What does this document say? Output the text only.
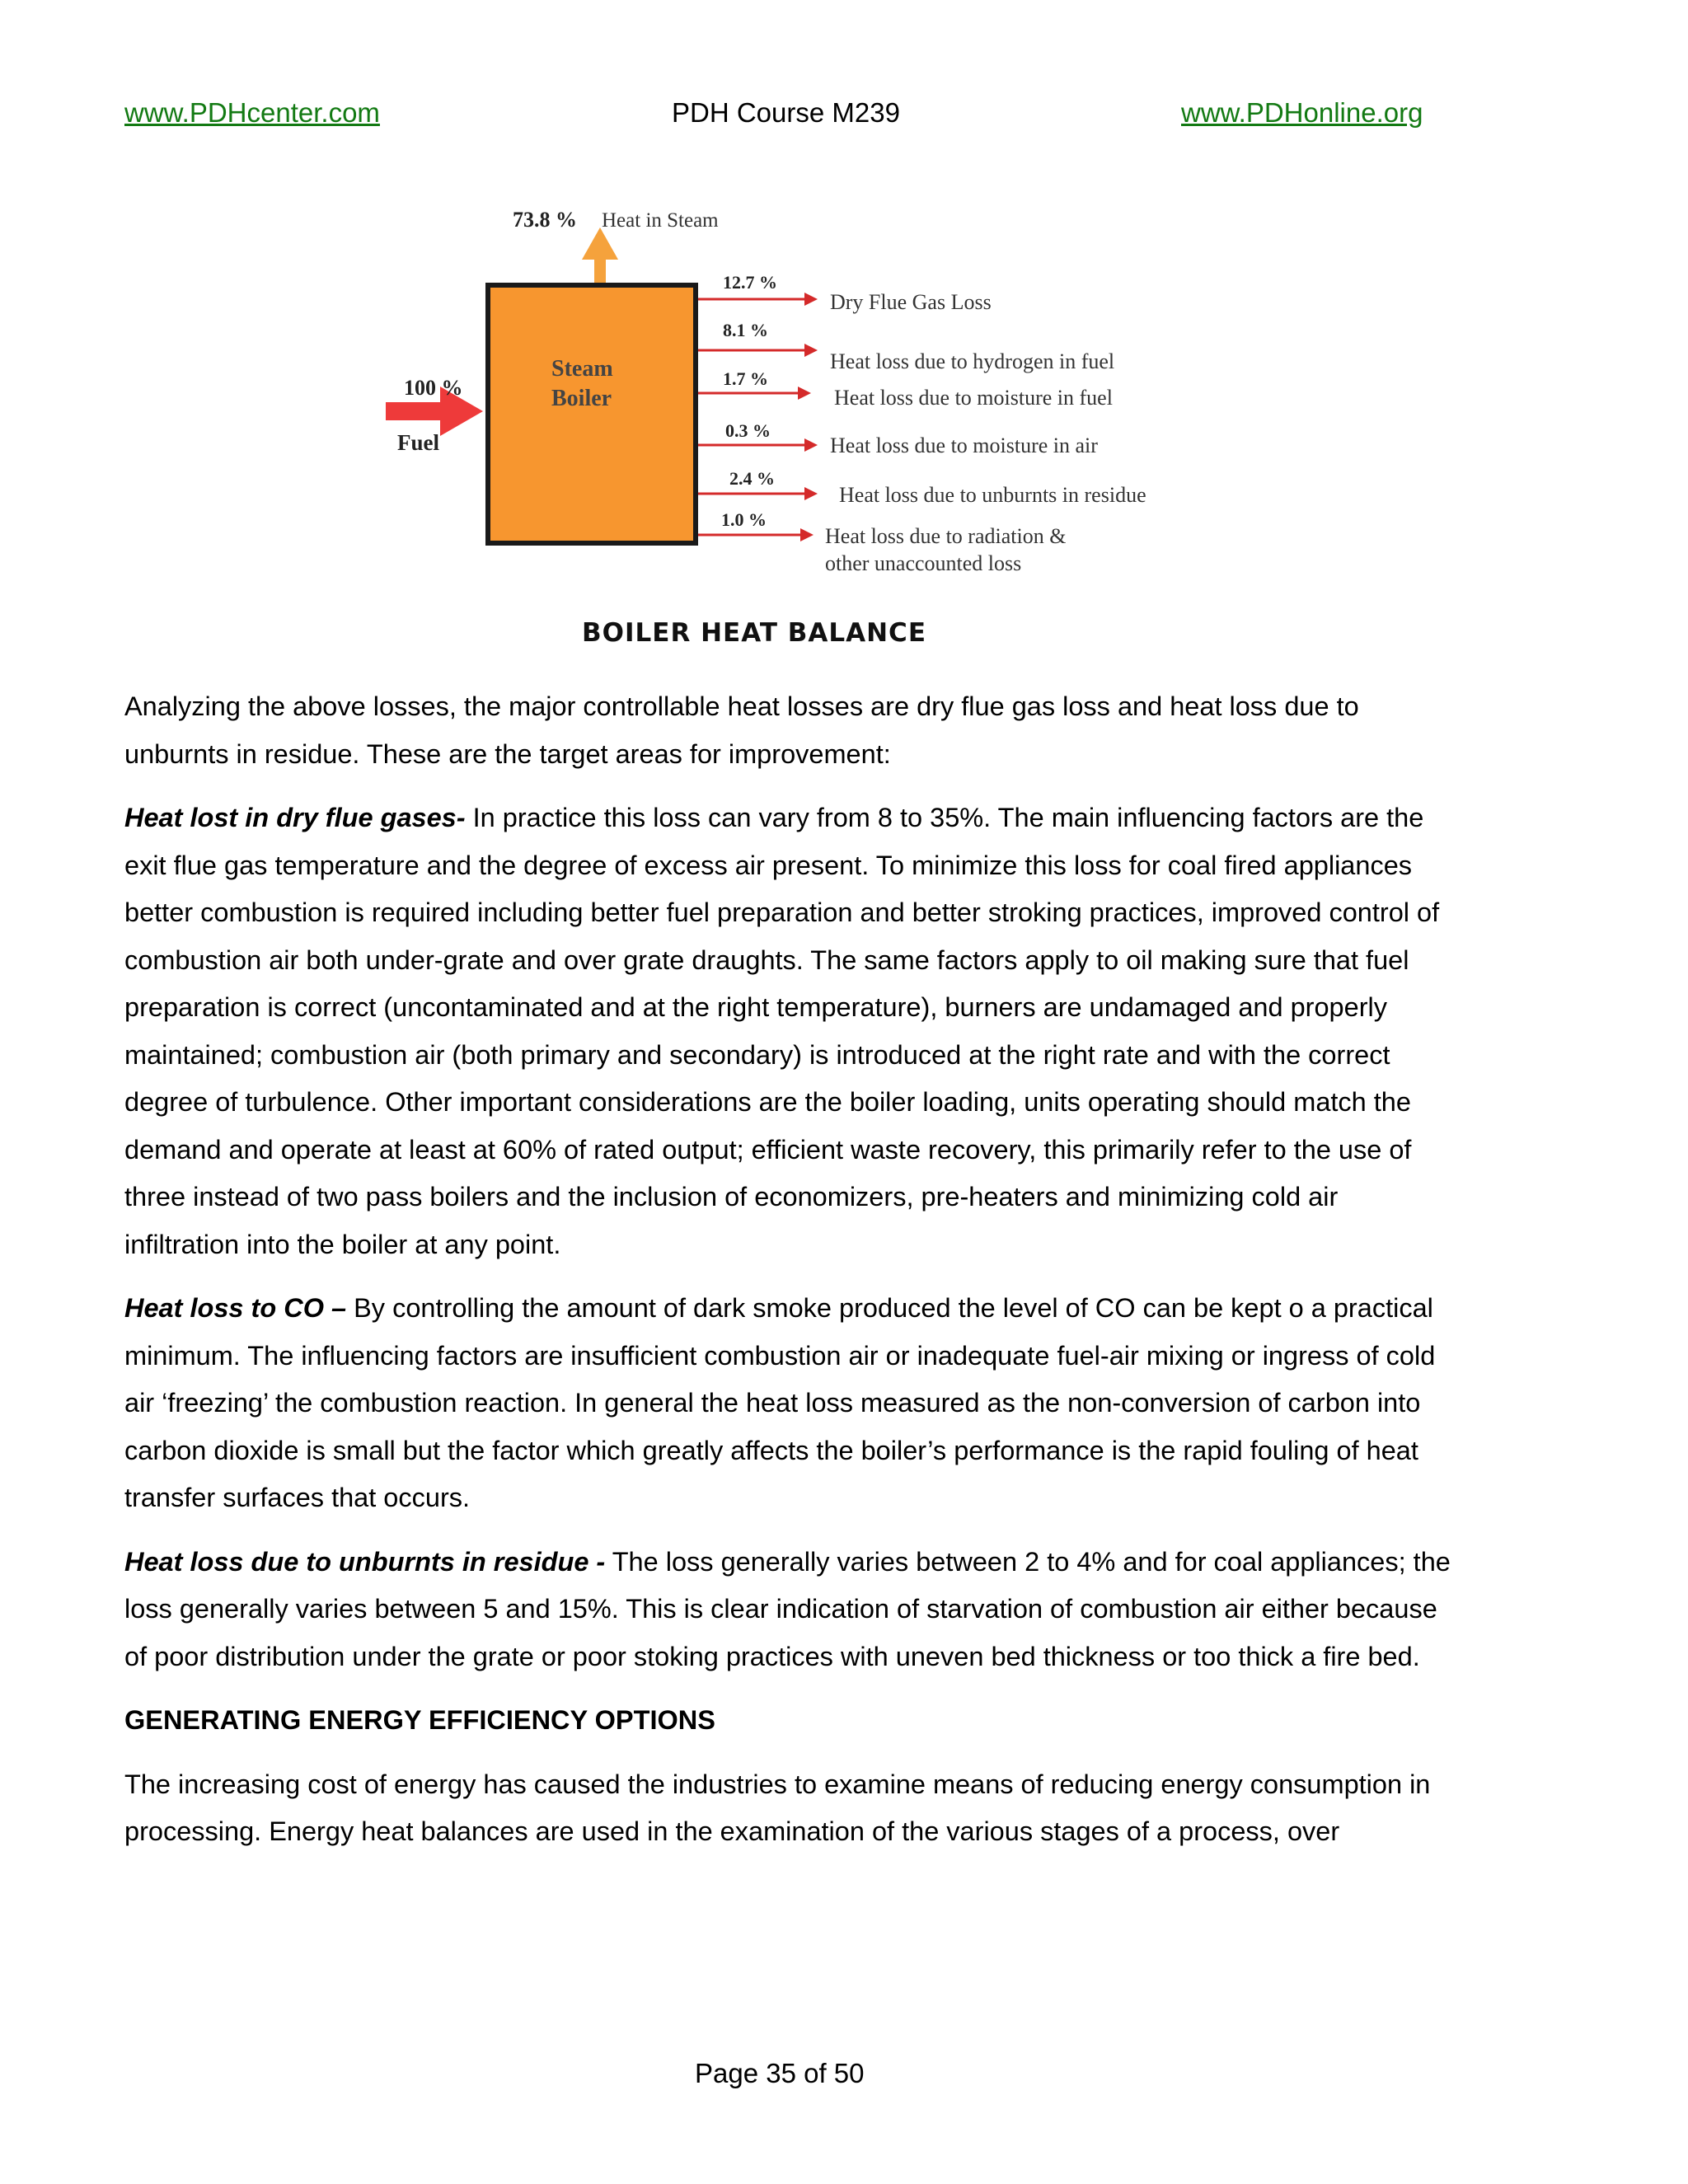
www.PDHcenter.com	PDH Course M239	www.PDHonline.org
73.8 % Heat in Steam
100 %
Fuel
Steam
Boiler
12.7 %
Dry Flue Gas Loss
8.1 %
Heat loss due to hydrogen in fuel
1.7 %
Heat loss due to moisture in fuel
0.3 %
Heat loss due to moisture in air
2.4 %
Heat loss due to unburnts in residue
1.0 %
Heat loss due to radiation &
other unaccounted loss
BOILER HEAT BALANCE

Analyzing the above losses, the major controllable heat losses are dry flue gas loss and heat loss due to unburnts in residue. These are the target areas for improvement:

Heat lost in dry flue gases- In practice this loss can vary from 8 to 35%. The main influencing factors are the exit flue gas temperature and the degree of excess air present. To minimize this loss for coal fired appliances better combustion is required including better fuel preparation and better stroking practices, improved control of combustion air both under-grate and over grate draughts. The same factors apply to oil making sure that fuel preparation is correct (uncontaminated and at the right temperature), burners are undamaged and properly maintained; combustion air (both primary and secondary) is introduced at the right rate and with the correct degree of turbulence. Other important considerations are the boiler loading, units operating should match the demand and operate at least at 60% of rated output; efficient waste recovery, this primarily refer to the use of three instead of two pass boilers and the inclusion of economizers, pre-heaters and minimizing cold air infiltration into the boiler at any point.

Heat loss to CO – By controlling the amount of dark smoke produced the level of CO can be kept o a practical minimum. The influencing factors are insufficient combustion air or inadequate fuel-air mixing or ingress of cold air ‘freezing’ the combustion reaction. In general the heat loss measured as the non-conversion of carbon into carbon dioxide is small but the factor which greatly affects the boiler’s performance is the rapid fouling of heat transfer surfaces that occurs.

Heat loss due to unburnts in residue - The loss generally varies between 2 to 4% and for coal appliances; the loss generally varies between 5 and 15%. This is clear indication of starvation of combustion air either because of poor distribution under the grate or poor stoking practices with uneven bed thickness or too thick a fire bed.

GENERATING ENERGY EFFICIENCY OPTIONS

The increasing cost of energy has caused the industries to examine means of reducing energy consumption in processing. Energy heat balances are used in the examination of the various stages of a process, over

Page 35 of 50
